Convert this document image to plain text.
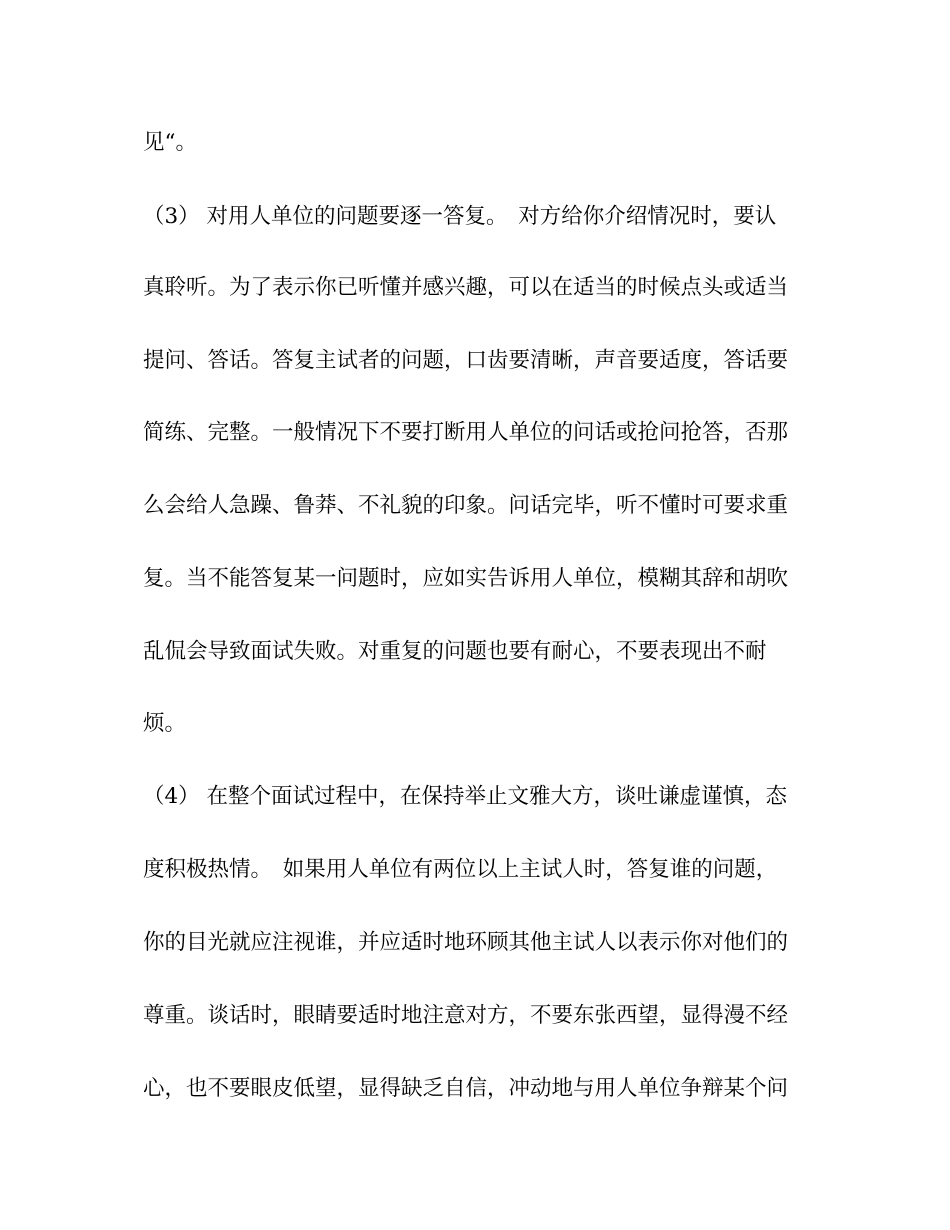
见“。
（3） 对用人单位的问题要逐一答复。　对方给你介绍情况时，要认
真聆听。为了表示你已听懂并感兴趣，可以在适当的时候点头或适当
提问、答话。答复主试者的问题，口齿要清晰，声音要适度，答话要
简练、完整。一般情况下不要打断用人单位的问话或抢问抢答，否那
么会给人急躁、鲁莽、不礼貌的印象。问话完毕，听不懂时可要求重
复。当不能答复某一问题时，应如实告诉用人单位，模糊其辞和胡吹
乱侃会导致面试失败。对重复的问题也要有耐心，不要表现出不耐
烦。
（4） 在整个面试过程中，在保持举止文雅大方，谈吐谦虚谨慎，态
度积极热情。　如果用人单位有两位以上主试人时，答复谁的问题，
你的目光就应注视谁，并应适时地环顾其他主试人以表示你对他们的
尊重。谈话时，眼睛要适时地注意对方，不要东张西望，显得漫不经
心，也不要眼皮低望，显得缺乏自信，冲动地与用人单位争辩某个问
